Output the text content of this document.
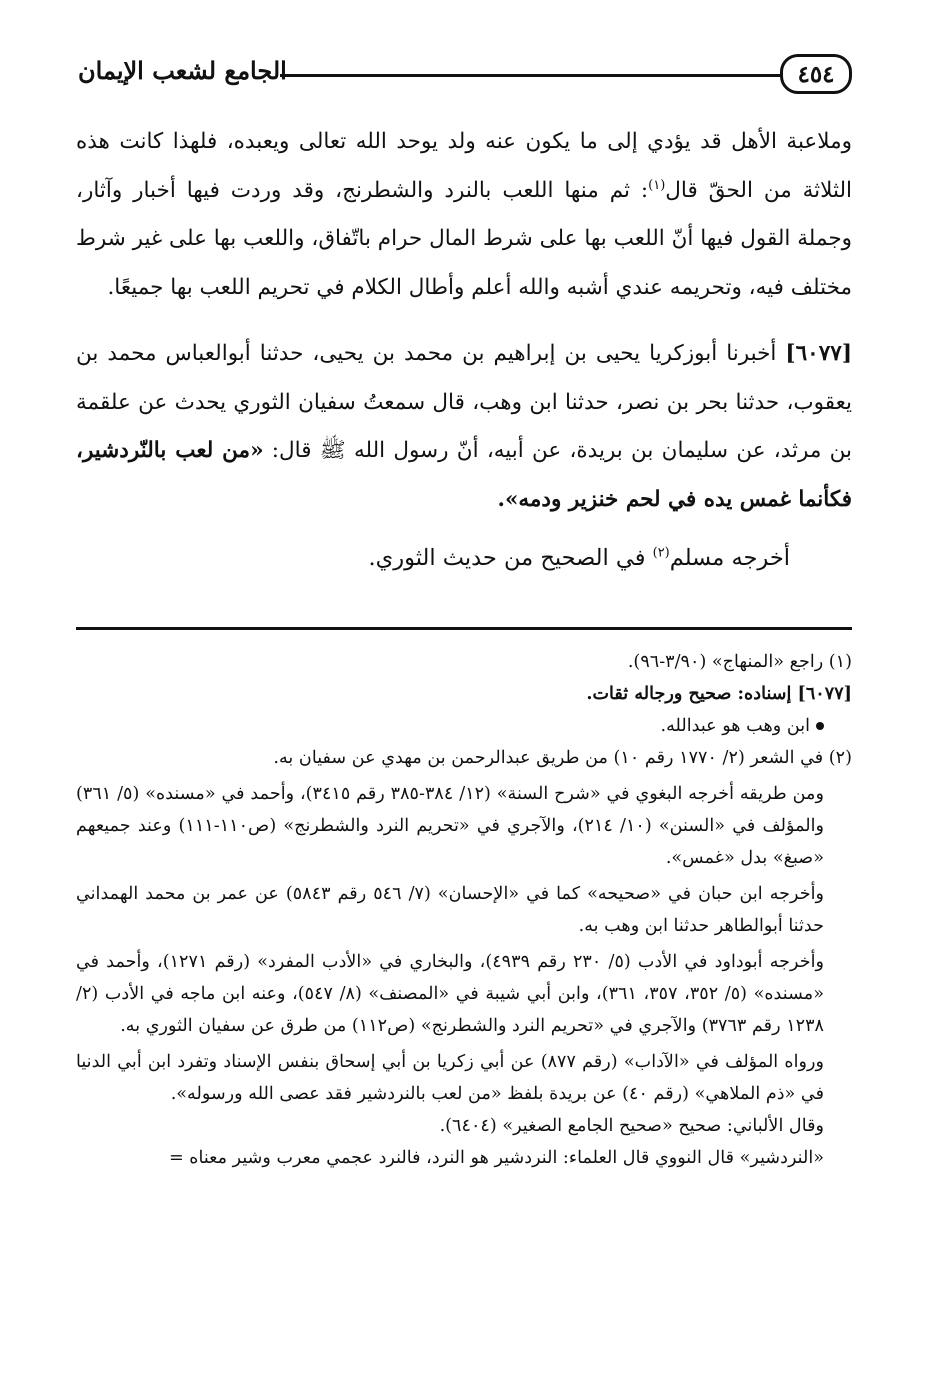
٤٥٤
الجامع لشعب الإيمان

وملاعبة الأهل قد يؤدي إلى ما يكون عنه ولد يوحد الله تعالى ويعبده، فلهذا كانت هذه الثلاثة من الحقّ قال$^{(١)}$: ثم منها اللعب بالنرد والشطرنج، وقد وردت فيها أخبار وآثار، وجملة القول فيها أنّ اللعب بها على شرط المال حرام باتّفاق، واللعب بها على غير شرط مختلف فيه، وتحريمه عندي أشبه والله أعلم وأطال الكلام في تحريم اللعب بها جميعًا.

[٦٠٧٧] أخبرنا أبوزكريا يحيى بن إبراهيم بن محمد بن يحيى، حدثنا أبوالعباس محمد بن يعقوب، حدثنا بحر بن نصر، حدثنا ابن وهب، قال سمعتُ سفيان الثوري يحدث عن علقمة بن مرثد، عن سليمان بن بريدة، عن أبيه، أنّ رسول الله ﷺ قال: «من لعب بالنّردشير، فكأنما غمس يده في لحم خنزير ودمه».

أخرجه مسلم$^{(٢)}$ في الصحيح من حديث الثوري.

(١) راجع «المنهاج» (٣/٩٠-٩٦).

[٦٠٧٧] إسناده: صحيح ورجاله ثقات.

ابن وهب هو عبدالله.

(٢) في الشعر (٢/ ١٧٧٠ رقم ١٠) من طريق عبدالرحمن بن مهدي عن سفيان به.

ومن طريقه أخرجه البغوي في «شرح السنة» (١٢/ ٣٨٤-٣٨٥ رقم ٣٤١٥)، وأحمد في «مسنده» (٥/ ٣٦١) والمؤلف في «السنن» (١٠/ ٢١٤)، والآجري في «تحريم النرد والشطرنج» (ص١١٠-١١١) وعند جميعهم «صبغ» بدل «غمس».

وأخرجه ابن حبان في «صحيحه» كما في «الإحسان» (٧/ ٥٤٦ رقم ٥٨٤٣) عن عمر بن محمد الهمداني حدثنا أبوالطاهر حدثنا ابن وهب به.

وأخرجه أبوداود في الأدب (٥/ ٢٣٠ رقم ٤٩٣٩)، والبخاري في «الأدب المفرد» (رقم ١٢٧١)، وأحمد في «مسنده» (٥/ ٣٥٢، ٣٥٧، ٣٦١)، وابن أبي شيبة في «المصنف» (٨/ ٥٤٧)، وعنه ابن ماجه في الأدب (٢/ ١٢٣٨ رقم ٣٧٦٣) والآجري في «تحريم النرد والشطرنج» (ص١١٢) من طرق عن سفيان الثوري به.

ورواه المؤلف في «الآداب» (رقم ٨٧٧) عن أبي زكريا بن أبي إسحاق بنفس الإسناد وتفرد ابن أبي الدنيا في «ذم الملاهي» (رقم ٤٠) عن بريدة بلفظ «من لعب بالنردشير فقد عصى الله ورسوله».

وقال الألباني: صحيح «صحيح الجامع الصغير» (٦٤٠٤).

«النردشير» قال النووي قال العلماء: النردشير هو النرد، فالنرد عجمي معرب وشير معناه =
